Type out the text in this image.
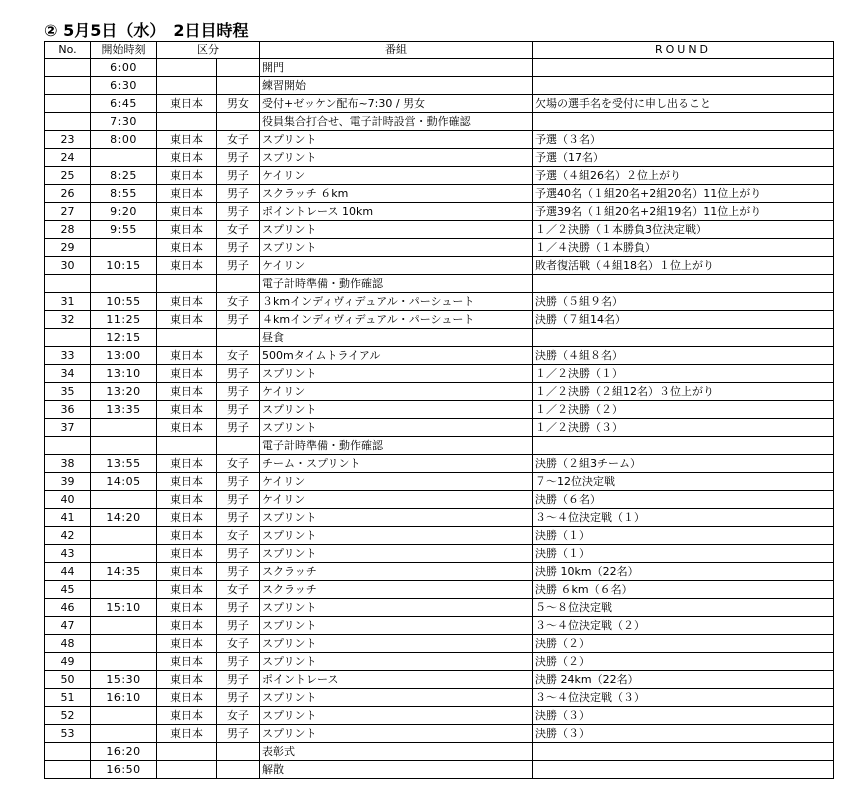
② 5月5日（水）　2日目時程
No.	開始時刻	区分		番組	ROUND
	6:00			開門	
	6:30			練習開始	
	6:45	東日本	男女	受付+ゼッケン配布~7:30 / 男女	欠場の選手名を受付に申し出ること
	7:30			役員集合打合せ、電子計時設営・動作確認	
23	8:00	東日本	女子	スプリント	予選（３名）
24		東日本	男子	スプリント	予選（17名）
25	8:25	東日本	男子	ケイリン	予選（４組26名）２位上がり
26	8:55	東日本	男子	スクラッチ ６km	予選40名（１組20名+2組20名）11位上がり
27	9:20	東日本	男子	ポイントレース 10km	予選39名（１組20名+2組19名）11位上がり
28	9:55	東日本	女子	スプリント	１／２決勝（１本勝負3位決定戦）
29		東日本	男子	スプリント	１／４決勝（１本勝負）
30	10:15	東日本	男子	ケイリン	敗者復活戦（４組18名）１位上がり
				電子計時準備・動作確認	
31	10:55	東日本	女子	３kmインディヴィデュアル・パーシュート	決勝（５組９名）
32	11:25	東日本	男子	４kmインディヴィデュアル・パーシュート	決勝（７組14名）
	12:15			昼食	
33	13:00	東日本	女子	500mタイムトライアル	決勝（４組８名）
34	13:10	東日本	男子	スプリント	１／２決勝（１）
35	13:20	東日本	男子	ケイリン	１／２決勝（２組12名）３位上がり
36	13:35	東日本	男子	スプリント	１／２決勝（２）
37		東日本	男子	スプリント	１／２決勝（３）
				電子計時準備・動作確認	
38	13:55	東日本	女子	チーム・スプリント	決勝（２組3チーム）
39	14:05	東日本	男子	ケイリン	７～12位決定戦
40		東日本	男子	ケイリン	決勝（６名）
41	14:20	東日本	男子	スプリント	３～４位決定戦（１）
42		東日本	女子	スプリント	決勝（１）
43		東日本	男子	スプリント	決勝（１）
44	14:35	東日本	男子	スクラッチ	決勝 10km（22名）
45		東日本	女子	スクラッチ	決勝 ６km（６名）
46	15:10	東日本	男子	スプリント	５～８位決定戦
47		東日本	男子	スプリント	３～４位決定戦（２）
48		東日本	女子	スプリント	決勝（２）
49		東日本	男子	スプリント	決勝（２）
50	15:30	東日本	男子	ポイントレース	決勝 24km（22名）
51	16:10	東日本	男子	スプリント	３～４位決定戦（３）
52		東日本	女子	スプリント	決勝（３）
53		東日本	男子	スプリント	決勝（３）
	16:20			表彰式	
	16:50			解散	
